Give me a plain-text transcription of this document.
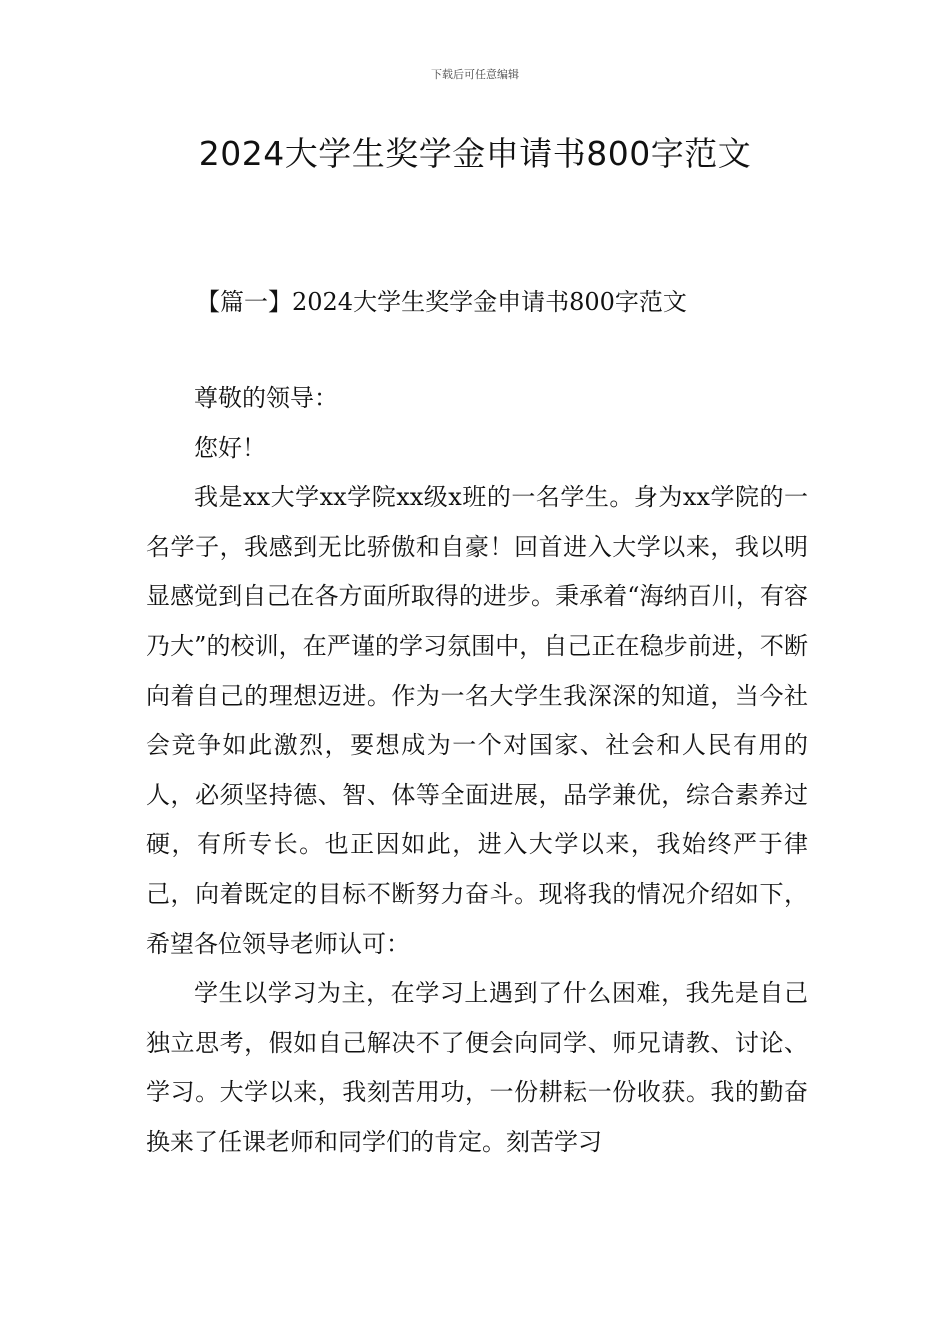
下载后可任意编辑
2024大学生奖学金申请书800字范文
【篇一】2024大学生奖学金申请书800字范文

尊敬的领导：

您好！

我是xx大学xx学院xx级x班的一名学生。身为xx学院的一名学子，我感到无比骄傲和自豪！回首进入大学以来，我以明显感觉到自己在各方面所取得的进步。秉承着“海纳百川，有容乃大”的校训，在严谨的学习氛围中，自己正在稳步前进，不断向着自己的理想迈进。作为一名大学生我深深的知道，当今社会竞争如此激烈，要想成为一个对国家、社会和人民有用的人，必须坚持德、智、体等全面进展，品学兼优，综合素养过硬，有所专长。也正因如此，进入大学以来，我始终严于律己，向着既定的目标不断努力奋斗。现将我的情况介绍如下，希望各位领导老师认可：

学生以学习为主，在学习上遇到了什么困难，我先是自己独立思考，假如自己解决不了便会向同学、师兄请教、讨论、学习。大学以来，我刻苦用功，一份耕耘一份收获。我的勤奋换来了任课老师和同学们的肯定。刻苦学习
